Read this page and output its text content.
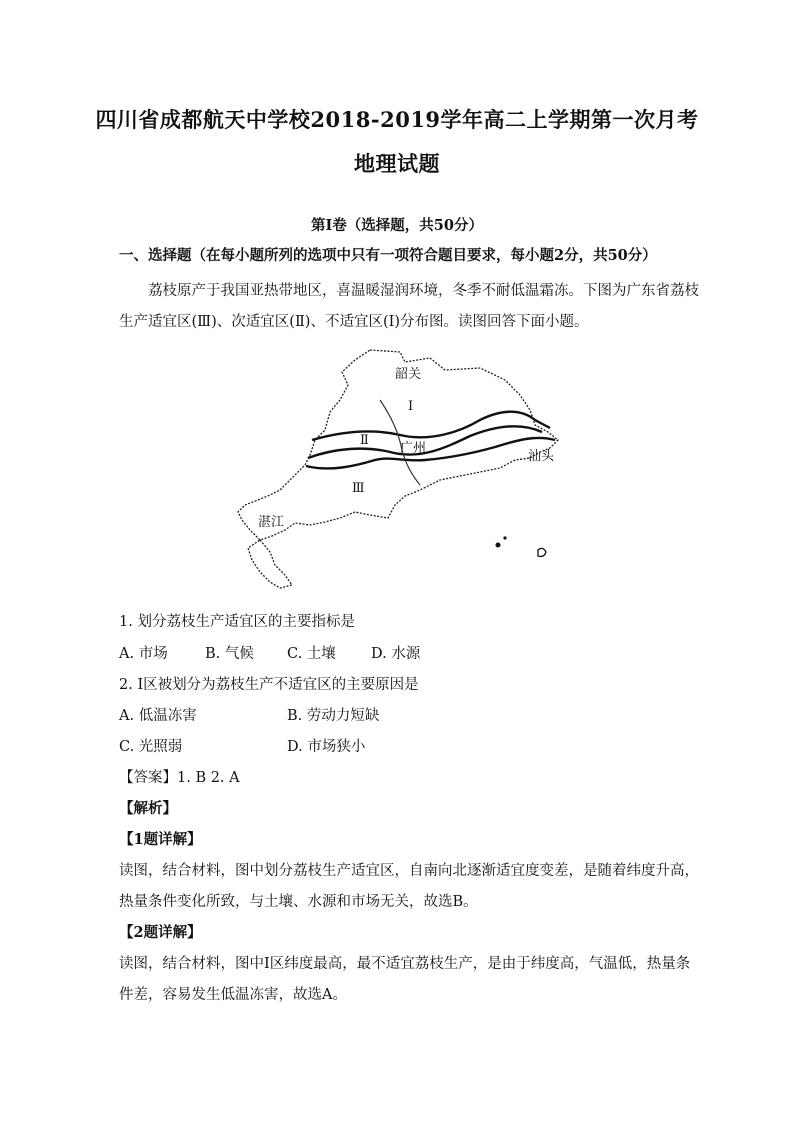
四川省成都航天中学校2018-2019学年高二上学期第一次月考
地理试题
第I卷（选择题，共50分）
一、选择题（在每小题所列的选项中只有一项符合题目要求，每小题2分，共50分）
荔枝原产于我国亚热带地区，喜温暖湿润环境，冬季不耐低温霜冻。下图为广东省荔枝
生产适宜区(Ⅲ)、次适宜区(Ⅱ)、不适宜区(Ⅰ)分布图。读图回答下面小题。
韶关
Ⅰ
Ⅱ
广州
汕头
Ⅲ
湛江
1. 划分荔枝生产适宜区的主要指标是
A. 市场	B. 气候 C. 土壤 D. 水源
2. Ⅰ区被划分为荔枝生产不适宜区的主要原因是
A. 低温冻害	B. 劳动力短缺
C. 光照弱	D. 市场狭小
【答案】1. B 2. A
【解析】
【1题详解】
读图，结合材料，图中划分荔枝生产适宜区，自南向北逐渐适宜度变差，是随着纬度升高，
热量条件变化所致，与土壤、水源和市场无关，故选B。
【2题详解】
读图，结合材料，图中Ⅰ区纬度最高，最不适宜荔枝生产，是由于纬度高，气温低，热量条
件差，容易发生低温冻害，故选A。
